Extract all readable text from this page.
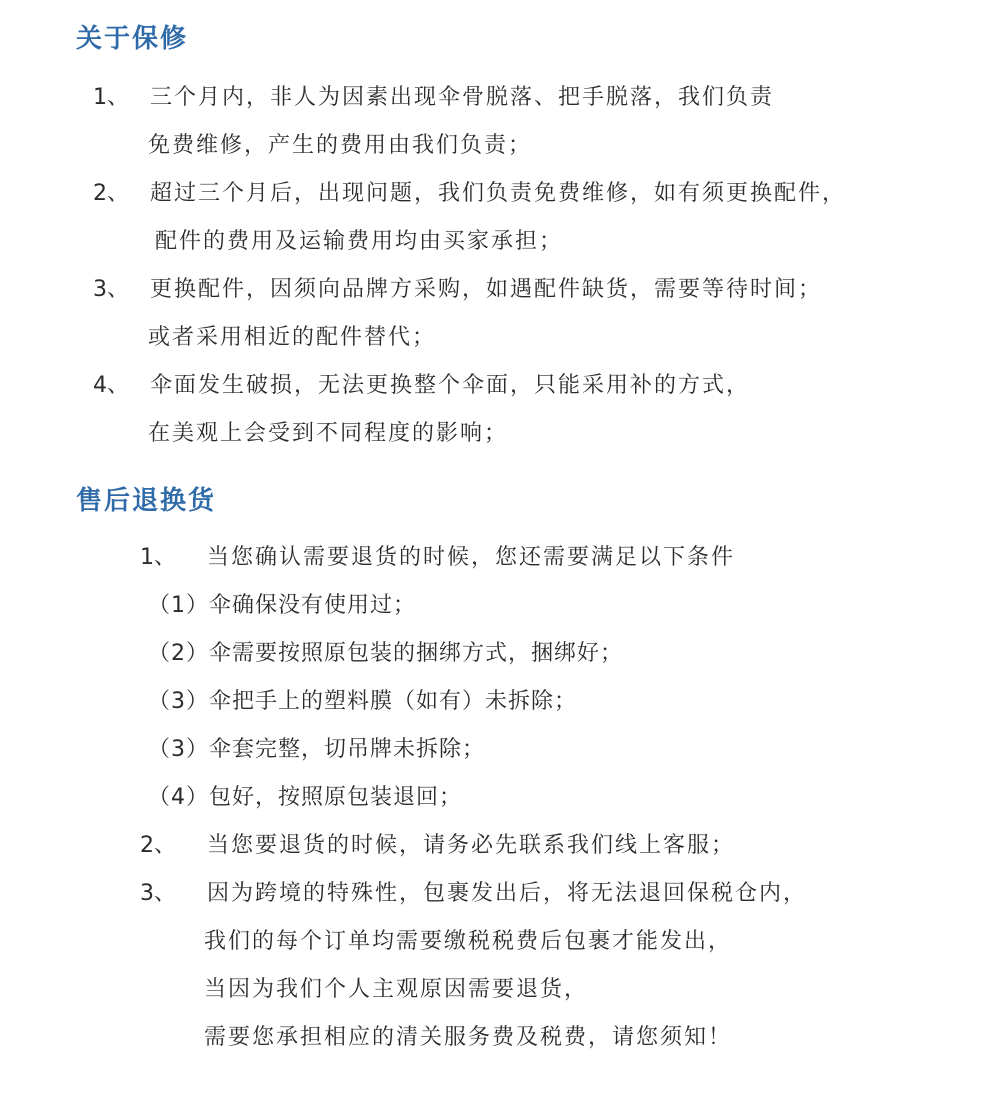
关于保修
1、 三个月内，非人为因素出现伞骨脱落、把手脱落，我们负责
免费维修，产生的费用由我们负责；
2、 超过三个月后，出现问题，我们负责免费维修，如有须更换配件，
配件的费用及运输费用均由买家承担；
3、 更换配件，因须向品牌方采购，如遇配件缺货，需要等待时间；
或者采用相近的配件替代；
4、 伞面发生破损，无法更换整个伞面，只能采用补的方式，
在美观上会受到不同程度的影响；
售后退换货
1、 当您确认需要退货的时候，您还需要满足以下条件
（1）伞确保没有使用过；
（2）伞需要按照原包装的捆绑方式，捆绑好；
（3）伞把手上的塑料膜（如有）未拆除；
（3）伞套完整，切吊牌未拆除；
（4）包好，按照原包装退回；
2、 当您要退货的时候，请务必先联系我们线上客服；
3、 因为跨境的特殊性，包裹发出后，将无法退回保税仓内，
我们的每个订单均需要缴税税费后包裹才能发出，
当因为我们个人主观原因需要退货，
需要您承担相应的清关服务费及税费，请您须知！
